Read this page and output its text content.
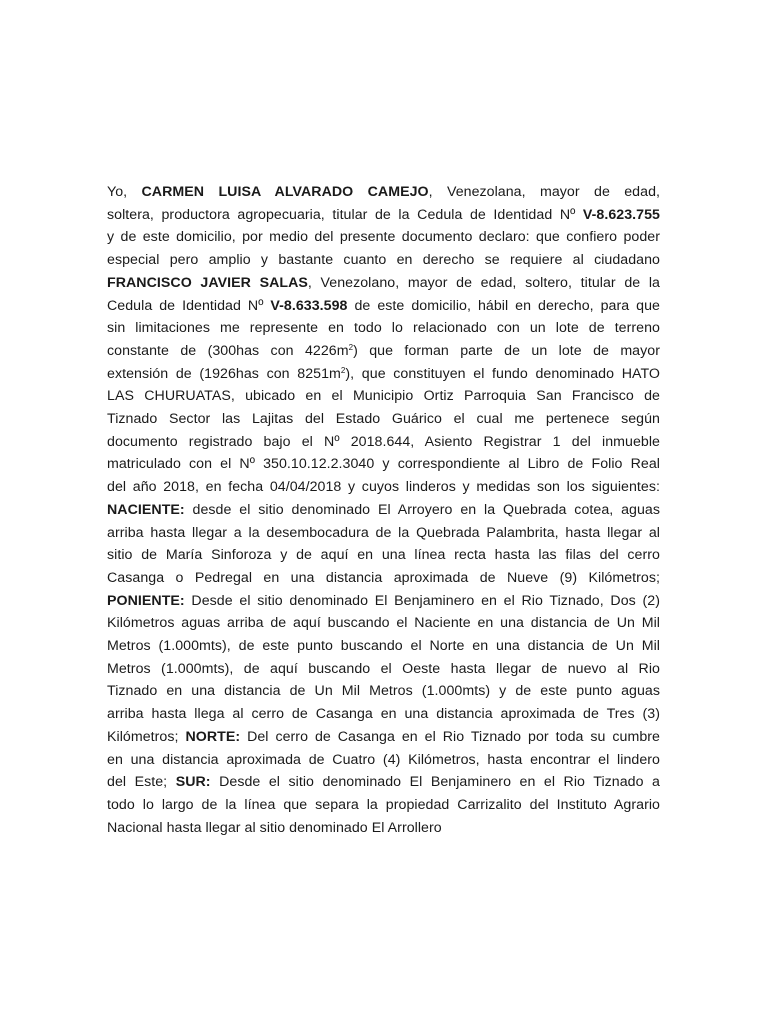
Yo, CARMEN LUISA ALVARADO CAMEJO, Venezolana, mayor de edad,
soltera, productora agropecuaria, titular de la Cedula de Identidad Nº V-8.623.755
y de este domicilio, por medio del presente documento declaro: que confiero poder
especial pero amplio y bastante cuanto en derecho se requiere al ciudadano
FRANCISCO JAVIER SALAS, Venezolano, mayor de edad, soltero, titular de la
Cedula de Identidad Nº V-8.633.598 de este domicilio, hábil en derecho, para que
sin limitaciones me represente en todo lo relacionado con un lote de terreno
constante de (300has con $4226m^2$) que forman parte de un lote de mayor
extensión de (1926has con $8251m^2$), que constituyen el fundo denominado HATO
LAS CHURUATAS, ubicado en el Municipio Ortiz Parroquia San Francisco de
Tiznado Sector las Lajitas del Estado Guárico el cual me pertenece según
documento registrado bajo el Nº 2018.644, Asiento Registrar 1 del inmueble
matriculado con el Nº 350.10.12.2.3040 y correspondiente al Libro de Folio Real
del año 2018, en fecha 04/04/2018 y cuyos linderos y medidas son los siguientes:
NACIENTE: desde el sitio denominado El Arroyero en la Quebrada cotea, aguas
arriba hasta llegar a la desembocadura de la Quebrada Palambrita, hasta llegar al
sitio de María Sinforoza y de aquí en una línea recta hasta las filas del cerro
Casanga o Pedregal en una distancia aproximada de Nueve (9) Kilómetros;
PONIENTE: Desde el sitio denominado El Benjaminero en el Rio Tiznado, Dos (2)
Kilómetros aguas arriba de aquí buscando el Naciente en una distancia de Un Mil
Metros (1.000mts), de este punto buscando el Norte en una distancia de Un Mil
Metros (1.000mts), de aquí buscando el Oeste hasta llegar de nuevo al Rio
Tiznado en una distancia de Un Mil Metros (1.000mts) y de este punto aguas
arriba hasta llega al cerro de Casanga en una distancia aproximada de Tres (3)
Kilómetros; NORTE: Del cerro de Casanga en el Rio Tiznado por toda su cumbre
en una distancia aproximada de Cuatro (4) Kilómetros, hasta encontrar el lindero
del Este; SUR: Desde el sitio denominado El Benjaminero en el Rio Tiznado a
todo lo largo de la línea que separa la propiedad Carrizalito del Instituto Agrario
Nacional hasta llegar al sitio denominado El Arrollero
